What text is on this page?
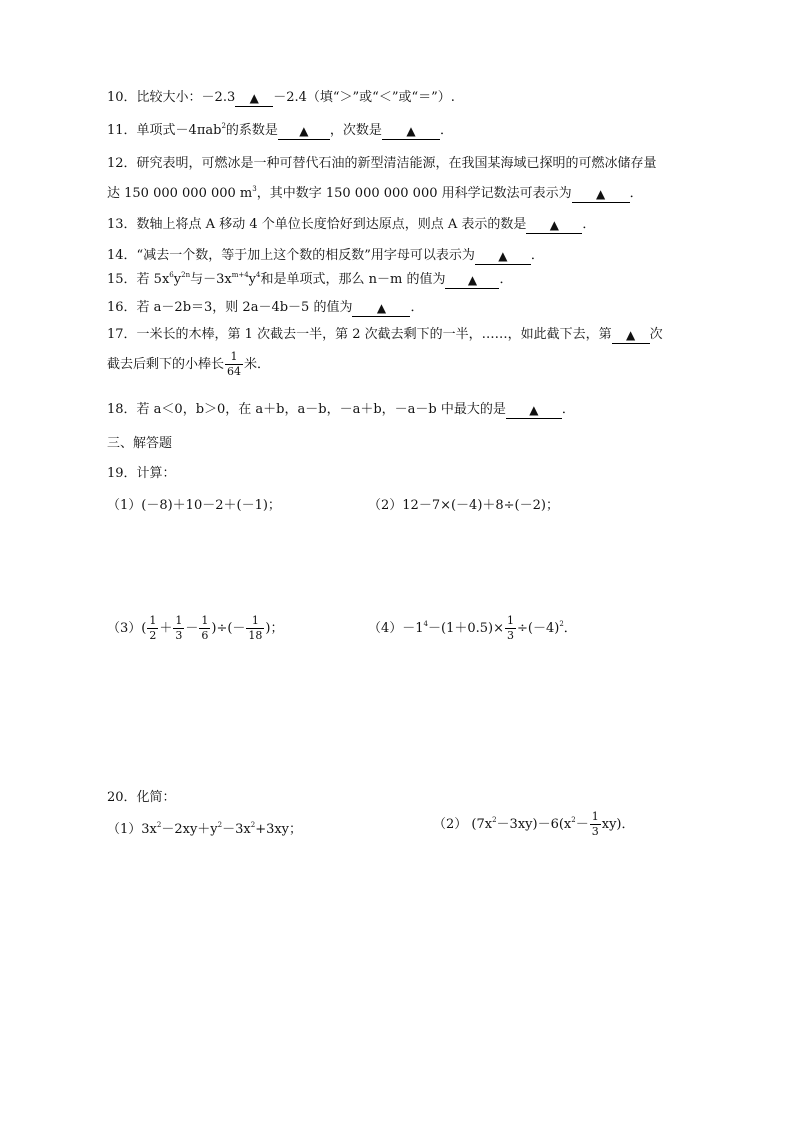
10．比较大小：－2.3 ▲ －2.4（填“＞”或“＜”或“＝”）.
11．单项式－4πab$^2$的系数是 ▲ ，次数是 ▲ ．
12．研究表明，可燃冰是一种可替代石油的新型清洁能源，在我国某海域已探明的可燃冰储存量
达 150 000 000 000 $m^3$，其中数字 150 000 000 000 用科学记数法可表示为 ▲ ．
13．数轴上将点 A 移动 4 个单位长度恰好到达原点，则点 A 表示的数是 ▲ ．
14．“减去一个数，等于加上这个数的相反数”用字母可以表示为 ▲ ．
15．若 $5x^6y^{2n}$与$-3x^{m+4}y^4$和是单项式，那么 n－m 的值为 ▲ ．
16．若 a－2b＝3，则 2a－4b－5 的值为 ▲ ．
17．一米长的木棒，第 1 次截去一半，第 2 次截去剩下的一半，……，如此截下去，第 ▲ 次
截去后剩下的小棒长 $\frac{1}{64}$ 米．
18．若 a＜0，b＞0，在 a＋b，a－b，－a＋b，－a－b 中最大的是 ▲ ．
三、解答题
19．计算：
（1）(－8)＋10－2＋(－1)；	（2）12－7×(－4)＋8÷(－2)；
$(3)( \frac{1}{2} + \frac{1}{3} - \frac{1}{6}$ )÷(－ $\frac{1}{18}$ )；	$(4)-1^4-(1+0.5)\times \frac{1}{3} \div(-4)^2$．
20．化简：
$(1)3x^2-2xy+y^2-3x^2+3xy$；	（2） $(7x^2-3xy)-6(x^2- \frac{1}{3} xy)$．
